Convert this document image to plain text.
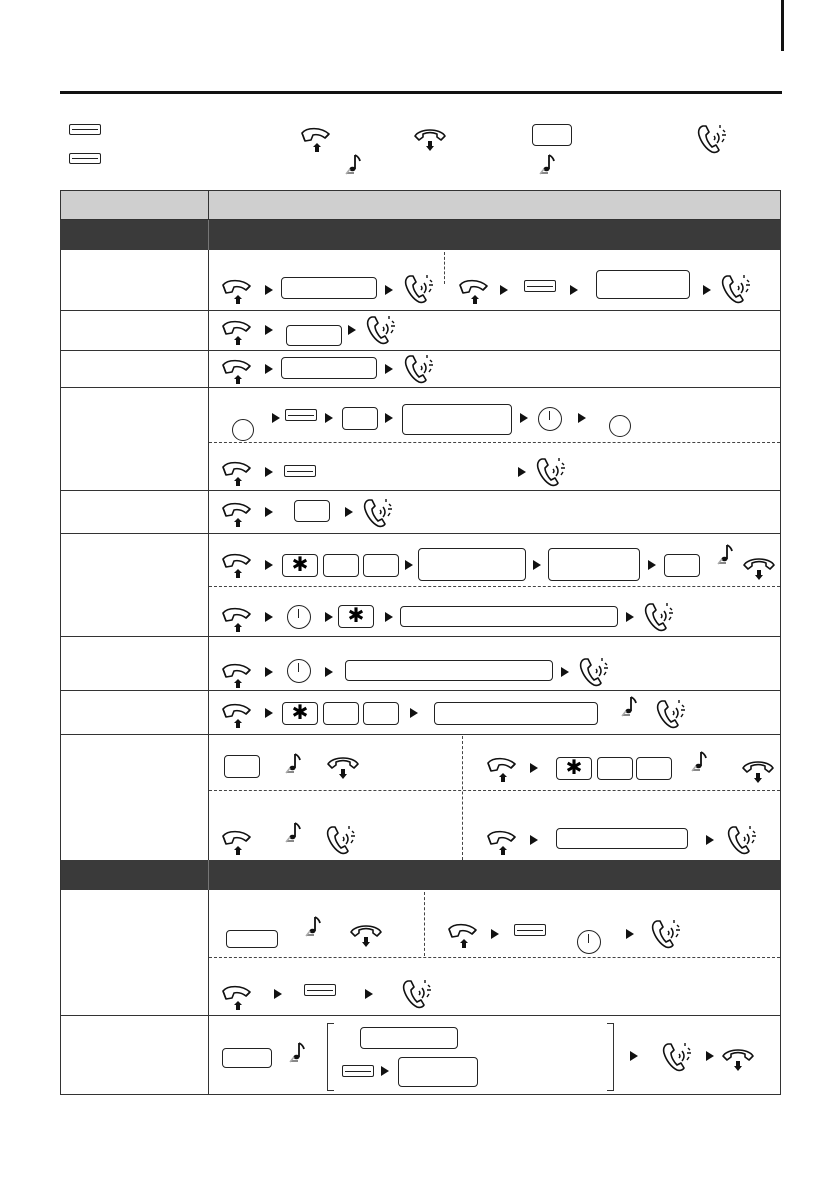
✱
✱
✱
✱
